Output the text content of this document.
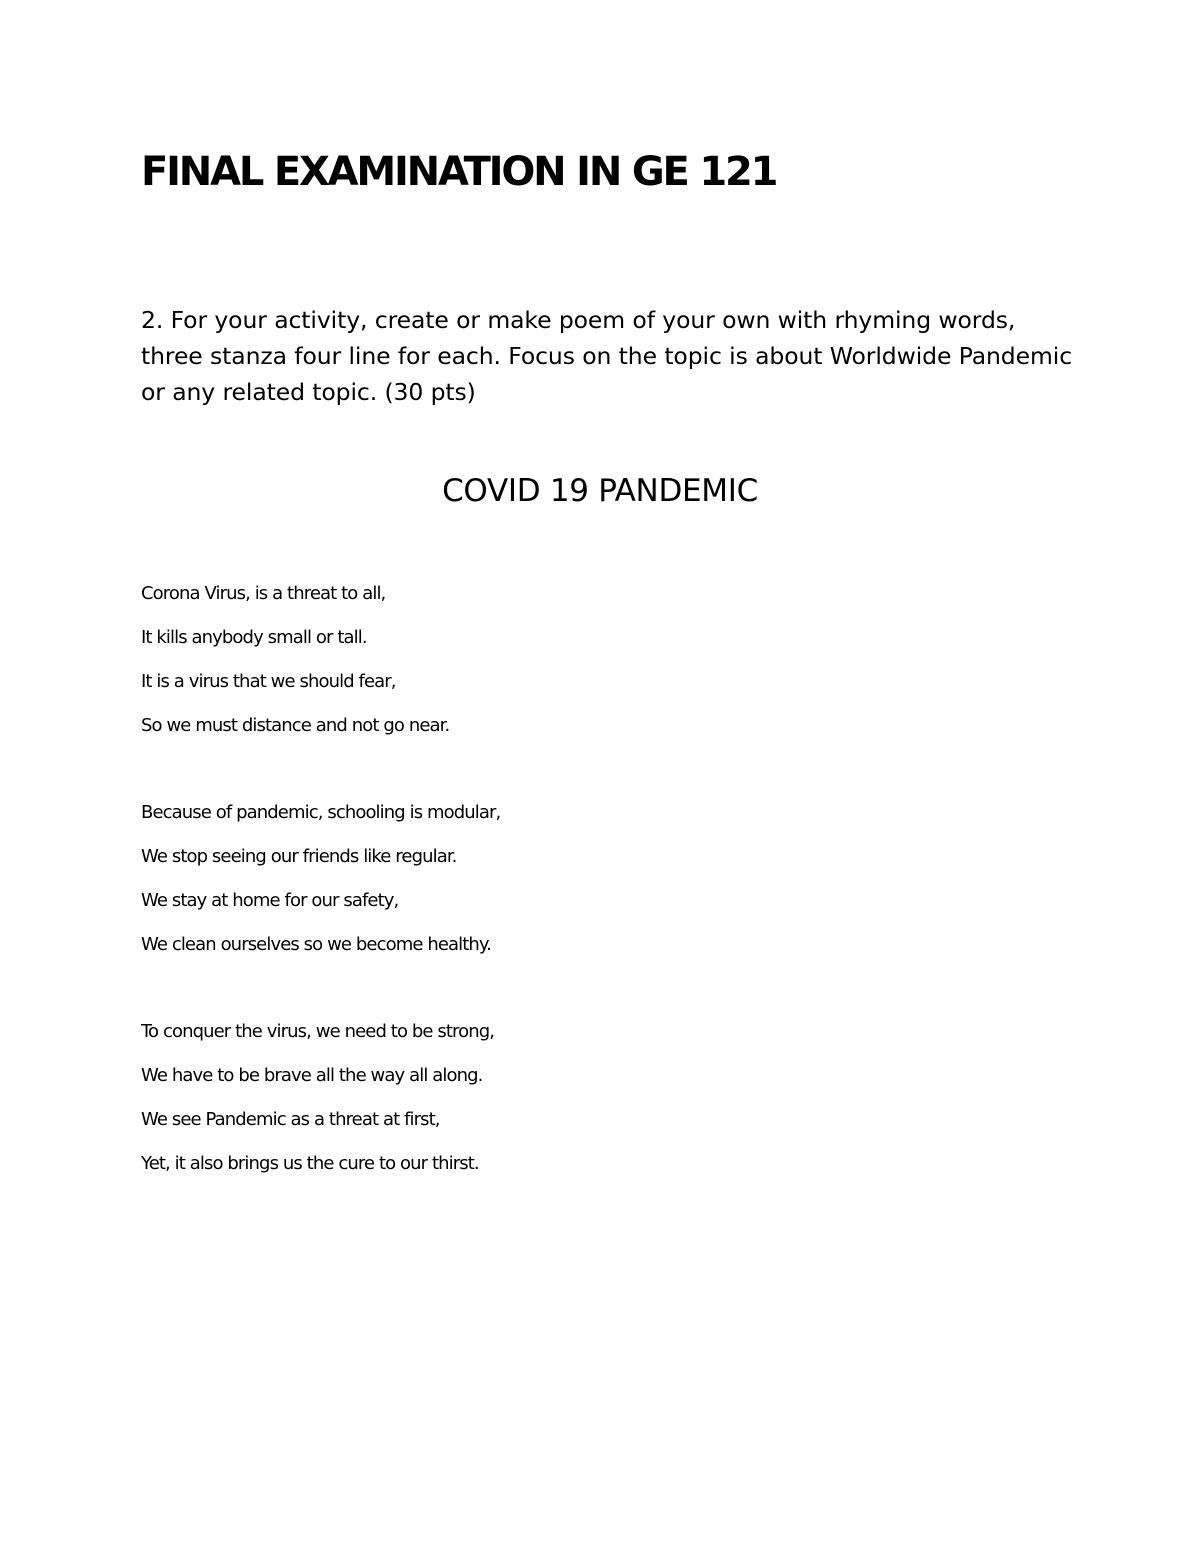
FINAL EXAMINATION IN GE 121

2. For your activity, create or make poem of your own with rhyming words, three stanza four line for each. Focus on the topic is about Worldwide Pandemic or any related topic. (30 pts)

COVID 19 PANDEMIC
Corona Virus, is a threat to all,
It kills anybody small or tall.
It is a virus that we should fear,
So we must distance and not go near.
Because of pandemic, schooling is modular,
We stop seeing our friends like regular.
We stay at home for our safety,
We clean ourselves so we become healthy.
To conquer the virus, we need to be strong,
We have to be brave all the way all along.
We see Pandemic as a threat at first,
Yet, it also brings us the cure to our thirst.
